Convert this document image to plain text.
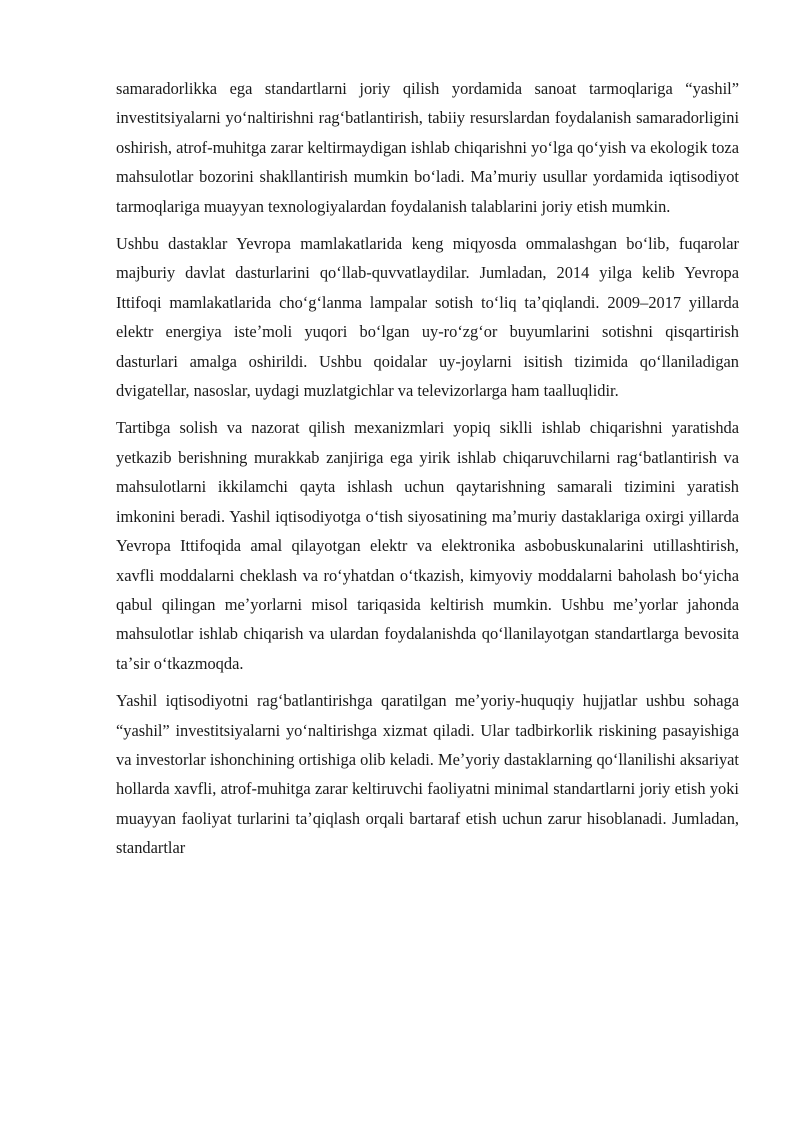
samaradorlikka ega standartlarni joriy qilish yordamida sanoat tarmoqlariga “yashil” investitsiyalarni yoʻnaltirishni ragʻbatlantirish, tabiiy resurslardan foydalanish samaradorligini oshirish, atrof-muhitga zarar keltirmaydigan ishlab chiqarishni yoʻlga qoʻyish va ekologik toza mahsulotlar bozorini shakllantirish mumkin boʻladi. Maʼmuriy usullar yordamida iqtisodiyot tarmoqlariga muayyan texnologiyalardan foydalanish talablarini joriy etish mumkin.

Ushbu dastaklar Yevropa mamlakatlarida keng miqyosda ommalashgan boʻlib, fuqarolar majburiy davlat dasturlarini qoʻllab-quvvatlaydilar. Jumladan, 2014 yilga kelib Yevropa Ittifoqi mamlakatlarida choʻgʻlanma lampalar sotish toʻliq taʼqiqlandi. 2009–2017 yillarda elektr energiya isteʼmoli yuqori boʻlgan uy-roʻzgʻor buyumlarini sotishni qisqartirish dasturlari amalga oshirildi. Ushbu qoidalar uy-joylarni isitish tizimida qoʻllaniladigan dvigatellar, nasoslar, uydagi muzlatgichlar va televizorlarga ham taalluqlidir.

Tartibga solish va nazorat qilish mexanizmlari yopiq siklli ishlab chiqarishni yaratishda yetkazib berishning murakkab zanjiriga ega yirik ishlab chiqaruvchilarni ragʻbatlantirish va mahsulotlarni ikkilamchi qayta ishlash uchun qaytarishning samarali tizimini yaratish imkonini beradi. Yashil iqtisodiyotga oʻtish siyosatining maʼmuriy dastaklariga oxirgi yillarda Yevropa Ittifoqida amal qilayotgan elektr va elektronika asbobuskunalarini utillashtirish, xavfli moddalarni cheklash va roʻyhatdan oʻtkazish, kimyoviy moddalarni baholash boʻyicha qabul qilingan meʼyorlarni misol tariqasida keltirish mumkin. Ushbu meʼyorlar jahonda mahsulotlar ishlab chiqarish va ulardan foydalanishda qoʻllanilayotgan standartlarga bevosita taʼsir oʻtkazmoqda.

Yashil iqtisodiyotni ragʻbatlantirishga qaratilgan meʼyoriy-huquqiy hujjatlar ushbu sohaga “yashil” investitsiyalarni yoʻnaltirishga xizmat qiladi. Ular tadbirkorlik riskining pasayishiga va investorlar ishonchining ortishiga olib keladi. Meʼyoriy dastaklarning qoʻllanilishi aksariyat hollarda xavfli, atrof-muhitga zarar keltiruvchi faoliyatni minimal standartlarni joriy etish yoki muayyan faoliyat turlarini taʼqiqlash orqali bartaraf etish uchun zarur hisoblanadi. Jumladan, standartlar
